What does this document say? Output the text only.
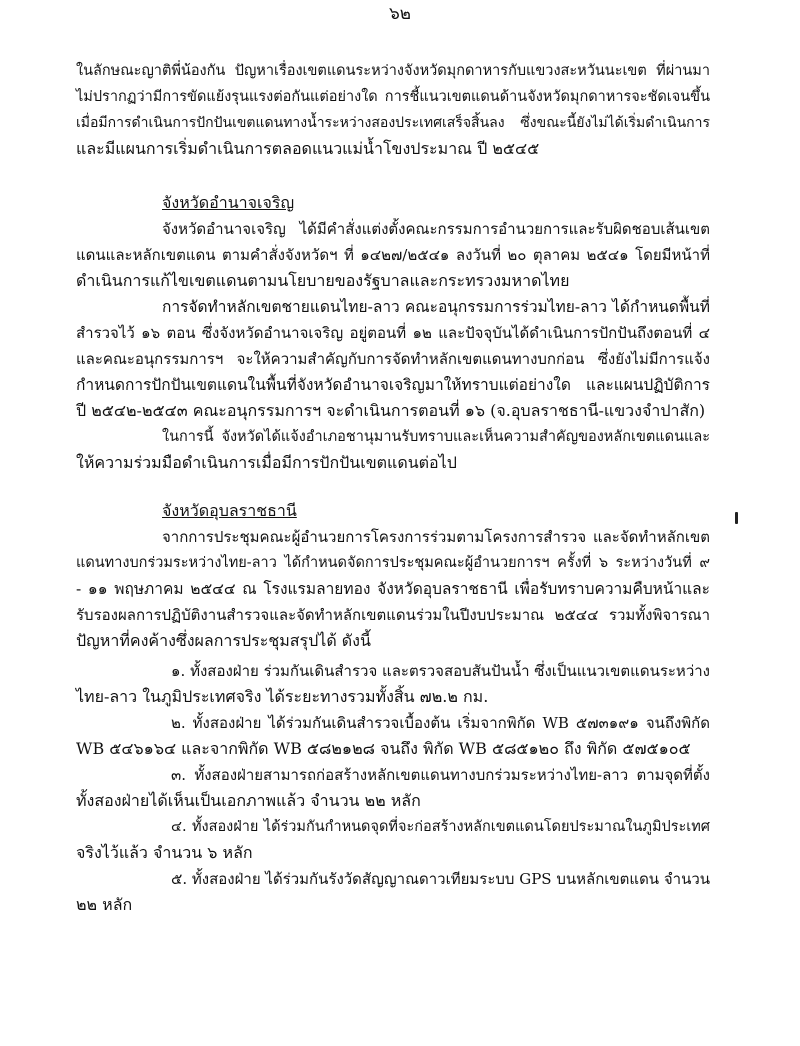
๖๒
ในลักษณะญาติพี่น้องกัน ปัญหาเรื่องเขตแดนระหว่างจังหวัดมุกดาหารกับแขวงสะหวันนะเขต ที่ผ่านมา
ไม่ปรากฏว่ามีการขัดแย้งรุนแรงต่อกันแต่อย่างใด การชี้แนวเขตแดนด้านจังหวัดมุกดาหารจะชัดเจนขึ้น
เมื่อมีการดำเนินการปักปันเขตแดนทางน้ำระหว่างสองประเทศเสร็จสิ้นลง ซึ่งขณะนี้ยังไม่ได้เริ่มดำเนินการ
และมีแผนการเริ่มดำเนินการตลอดแนวแม่น้ำโขงประมาณ ปี ๒๕๔๕
จังหวัดอำนาจเจริญ
จังหวัดอำนาจเจริญ ได้มีคำสั่งแต่งตั้งคณะกรรมการอำนวยการและรับผิดชอบเส้นเขต
แดนและหลักเขตแดน ตามคำสั่งจังหวัดฯ ที่ ๑๔๒๗/๒๕๔๑ ลงวันที่ ๒๐ ตุลาคม ๒๕๔๑ โดยมีหน้าที่
ดำเนินการแก้ไขเขตแดนตามนโยบายของรัฐบาลและกระทรวงมหาดไทย
การจัดทำหลักเขตชายแดนไทย-ลาว คณะอนุกรรมการร่วมไทย-ลาว ได้กำหนดพื้นที่
สำรวจไว้ ๑๖ ตอน ซึ่งจังหวัดอำนาจเจริญ อยู่ตอนที่ ๑๒ และปัจจุบันได้ดำเนินการปักปันถึงตอนที่ ๔
และคณะอนุกรรมการฯ จะให้ความสำคัญกับการจัดทำหลักเขตแดนทางบกก่อน ซึ่งยังไม่มีการแจ้ง
กำหนดการปักปันเขตแดนในพื้นที่จังหวัดอำนาจเจริญมาให้ทราบแต่อย่างใด และแผนปฏิบัติการ
ปี ๒๕๔๒-๒๕๔๓ คณะอนุกรรมการฯ จะดำเนินการตอนที่ ๑๖ (จ.อุบลราชธานี-แขวงจำปาสัก)
ในการนี้ จังหวัดได้แจ้งอำเภอชานุมานรับทราบและเห็นความสำคัญของหลักเขตแดนและ
ให้ความร่วมมือดำเนินการเมื่อมีการปักปันเขตแดนต่อไป
จังหวัดอุบลราชธานี
จากการประชุมคณะผู้อำนวยการโครงการร่วมตามโครงการสำรวจ และจัดทำหลักเขต
แดนทางบกร่วมระหว่างไทย-ลาว ได้กำหนดจัดการประชุมคณะผู้อำนวยการฯ ครั้งที่ ๖ ระหว่างวันที่ ๙
- ๑๑ พฤษภาคม ๒๕๔๔ ณ โรงแรมลายทอง จังหวัดอุบลราชธานี เพื่อรับทราบความคืบหน้าและ
รับรองผลการปฏิบัติงานสำรวจและจัดทำหลักเขตแดนร่วมในปีงบประมาณ ๒๕๔๔ รวมทั้งพิจารณา
ปัญหาที่คงค้างซึ่งผลการประชุมสรุปได้ ดังนี้
๑. ทั้งสองฝ่าย ร่วมกันเดินสำรวจ และตรวจสอบสันปันน้ำ ซึ่งเป็นแนวเขตแดนระหว่าง
ไทย-ลาว ในภูมิประเทศจริง ได้ระยะทางรวมทั้งสิ้น ๗๒.๒ กม.
๒. ทั้งสองฝ่าย ได้ร่วมกันเดินสำรวจเบื้องต้น เริ่มจากพิกัด WB ๕๗๓๑๙๑ จนถึงพิกัด
WB ๕๔๖๑๖๔ และจากพิกัด WB ๕๘๒๑๒๘ จนถึง พิกัด WB ๕๘๕๑๒๐ ถึง พิกัด ๕๗๕๑๐๕
๓. ทั้งสองฝ่ายสามารถก่อสร้างหลักเขตแดนทางบกร่วมระหว่างไทย-ลาว ตามจุดที่ตั้ง
ทั้งสองฝ่ายได้เห็นเป็นเอกภาพแล้ว จำนวน ๒๒ หลัก
๔. ทั้งสองฝ่าย ได้ร่วมกันกำหนดจุดที่จะก่อสร้างหลักเขตแดนโดยประมาณในภูมิประเทศ
จริงไว้แล้ว จำนวน ๖ หลัก
๕. ทั้งสองฝ่าย ได้ร่วมกันรังวัดสัญญาณดาวเทียมระบบ GPS บนหลักเขตแดน จำนวน
๒๒ หลัก
